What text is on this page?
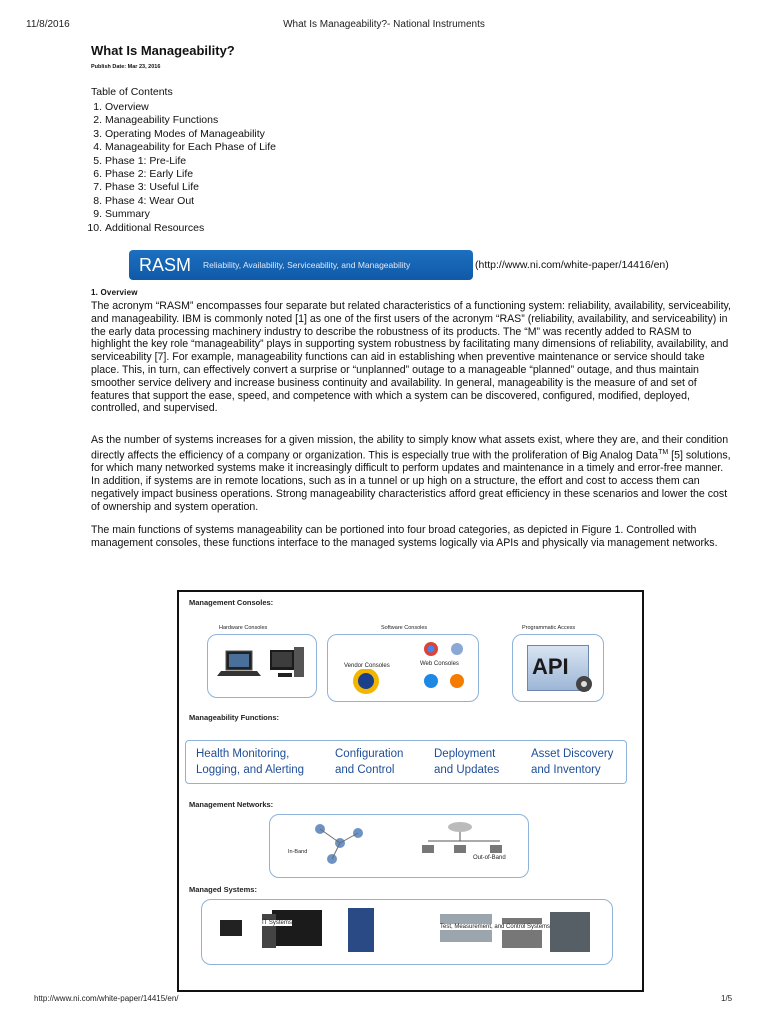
11/8/2016	What Is Manageability?- National Instruments
What Is Manageability?
Publish Date: Mar 23, 2016
Table of Contents
1. Overview
2. Manageability Functions
3. Operating Modes of Manageability
4. Manageability for Each Phase of Life
5. Phase 1: Pre-Life
6. Phase 2: Early Life
7. Phase 3: Useful Life
8. Phase 4: Wear Out
9. Summary
10. Additional Resources
RASM Reliability, Availability, Serviceability, and Manageability	(http://www.ni.com/white-paper/14416/en)
1. Overview

The acronym “RASM” encompasses four separate but related characteristics of a functioning system: reliability, availability, serviceability, and manageability. IBM is commonly noted [1] as one of the first users of the acronym “RAS” (reliability, availability, and serviceability) in the early data processing machinery industry to describe the robustness of its products. The “M” was recently added to RASM to highlight the key role “manageability” plays in supporting system robustness by facilitating many dimensions of reliability, availability, and serviceability [7]. For example, manageability functions can aid in establishing when preventive maintenance or service should take place. This, in turn, can effectively convert a surprise or “unplanned” outage to a manageable “planned” outage, and thus maintain smoother service delivery and increase business continuity and availability. In general, manageability is the measure of and set of features that support the ease, speed, and competence with which a system can be discovered, configured, modified, deployed, controlled, and supervised.

As the number of systems increases for a given mission, the ability to simply know what assets exist, where they are, and their condition directly affects the efficiency of a company or organization. This is especially true with the proliferation of Big Analog Data™ [5] solutions, for which many networked systems make it increasingly difficult to perform updates and maintenance in a timely and error-free manner. In addition, if systems are in remote locations, such as in a tunnel or up high on a structure, the effort and cost to access them can negatively impact business operations. Strong manageability characteristics afford great efficiency in these scenarios and lower the cost of ownership and system operation.

The main functions of systems manageability can be portioned into four broad categories, as depicted in Figure 1. Controlled with management consoles, these functions interface to the managed systems logically via APIs and physically via management networks.

Management Consoles:
Hardware Consoles	Software Consoles	Programmatic Access
Vendor Consoles	Web Consoles	API
Manageability Functions:
Health Monitoring, Logging, and Alerting
Configuration and Control
Deployment and Updates
Asset Discovery and Inventory
Management Networks:
In-Band
Out-of-Band
Managed Systems:
IT Systems
Test, Measurement, and Control Systems
http://www.ni.com/white-paper/14415/en/	1/5
